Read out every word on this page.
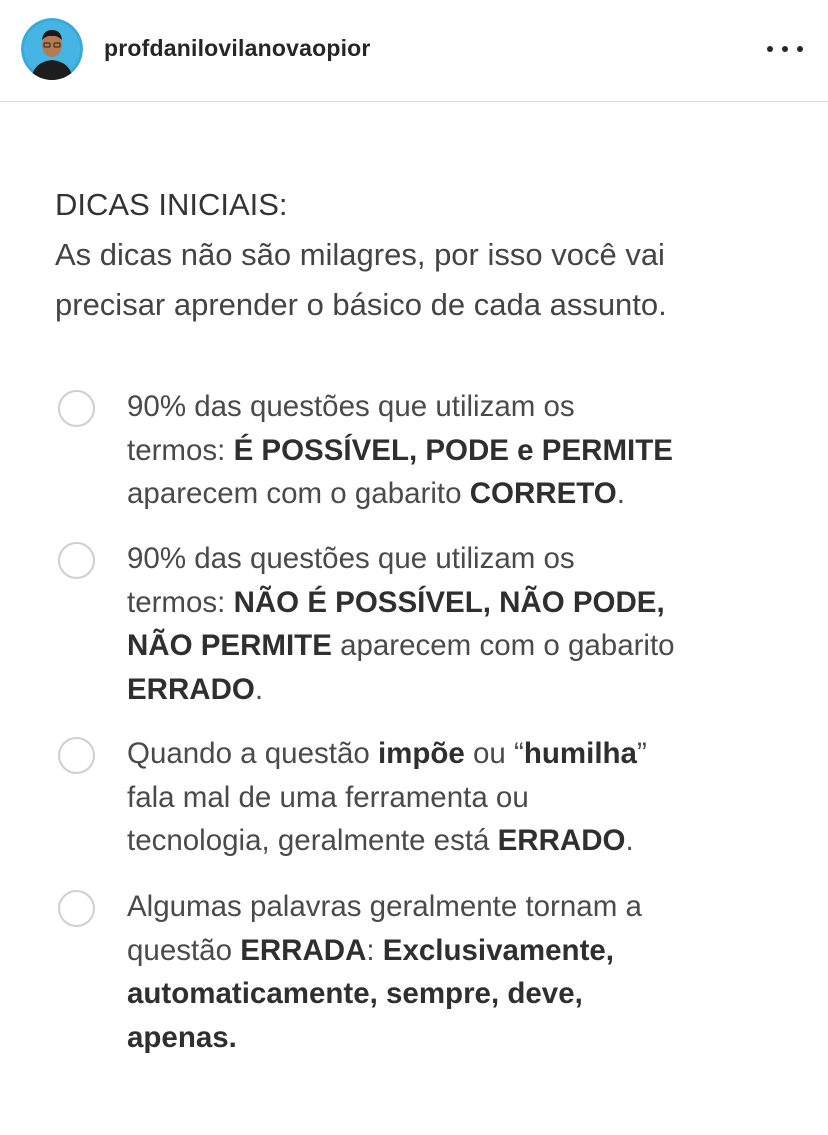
profdanilovilanovaopior

DICAS INICIAIS:

As dicas não são milagres, por isso você vai

precisar aprender o básico de cada assunto.

90% das questões que utilizam os
termos: É POSSÍVEL, PODE e PERMITE
aparecem com o gabarito CORRETO.
90% das questões que utilizam os
termos: NÃO É POSSÍVEL, NÃO PODE,
NÃO PERMITE aparecem com o gabarito
ERRADO.
Quando a questão impõe ou “humilha”
fala mal de uma ferramenta ou
tecnologia, geralmente está ERRADO.
Algumas palavras geralmente tornam a
questão ERRADA: Exclusivamente,
automaticamente, sempre, deve,
apenas.
